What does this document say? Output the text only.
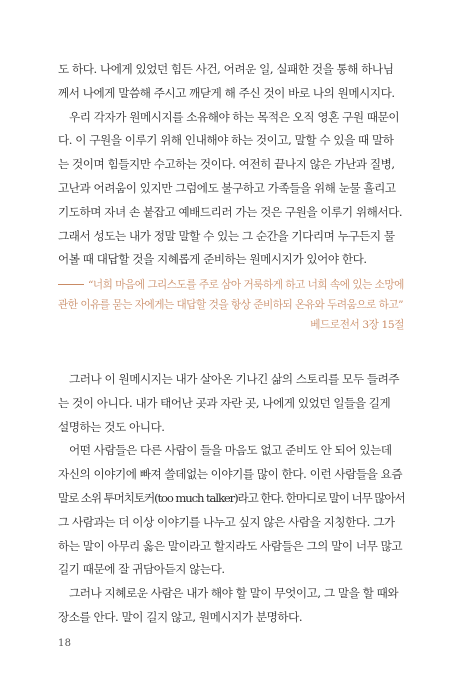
도 하다. 나에게 있었던 힘든 사건, 어려운 일, 실패한 것을 통해 하나님
께서 나에게 말씀해 주시고 깨닫게 해 주신 것이 바로 나의 원메시지다.
우리 각자가 원메시지를 소유해야 하는 목적은 오직 영혼 구원 때문이
다. 이 구원을 이루기 위해 인내해야 하는 것이고, 말할 수 있을 때 말하
는 것이며 힘들지만 수고하는 것이다. 여전히 끝나지 않은 가난과 질병,
고난과 어려움이 있지만 그럼에도 불구하고 가족들을 위해 눈물 흘리고
기도하며 자녀 손 붙잡고 예배드리러 가는 것은 구원을 이루기 위해서다.
그래서 성도는 내가 정말 말할 수 있는 그 순간을 기다리며 누구든지 물
어볼 때 대답할 것을 지혜롭게 준비하는 원메시지가 있어야 한다.
“너희 마음에 그리스도를 주로 삼아 거룩하게 하고 너희 속에 있는 소망에
관한 이유를 묻는 자에게는 대답할 것을 항상 준비하되 온유와 두려움으로 하고”
베드로전서 3장 15절
그러나 이 원메시지는 내가 살아온 기나긴 삶의 스토리를 모두 들려주
는 것이 아니다. 내가 태어난 곳과 자란 곳, 나에게 있었던 일들을 길게
설명하는 것도 아니다.
어떤 사람들은 다른 사람이 들을 마음도 없고 준비도 안 되어 있는데
자신의 이야기에 빠져 쓸데없는 이야기를 많이 한다. 이런 사람들을 요즘
말로 소위 투머치토커(too much talker)라고 한다. 한마디로 말이 너무 많아서
그 사람과는 더 이상 이야기를 나누고 싶지 않은 사람을 지칭한다. 그가
하는 말이 아무리 옳은 말이라고 할지라도 사람들은 그의 말이 너무 많고
길기 때문에 잘 귀담아듣지 않는다.
그러나 지혜로운 사람은 내가 해야 할 말이 무엇이고, 그 말을 할 때와
장소를 안다. 말이 길지 않고, 원메시지가 분명하다.
18
